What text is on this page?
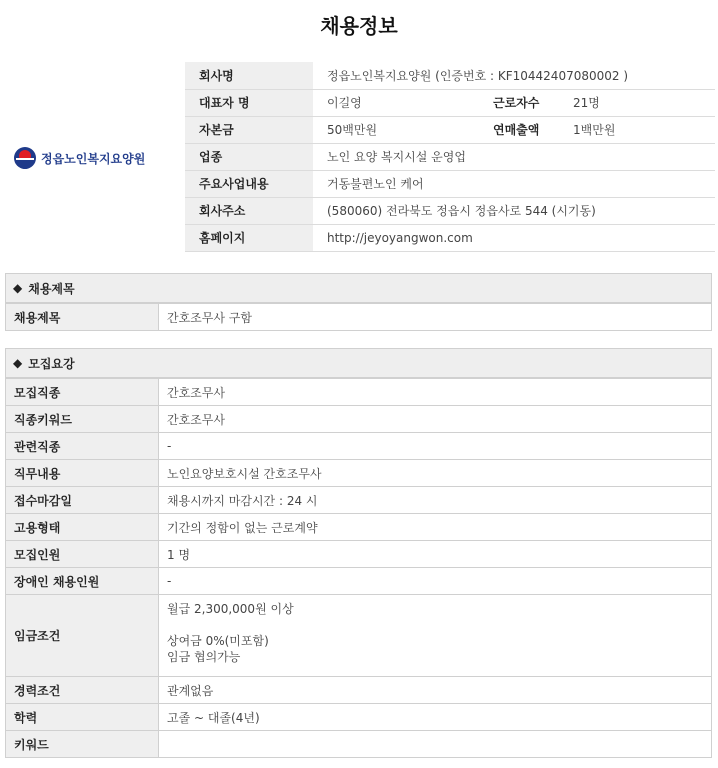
채용정보
정읍노인복지요양원
회사명	정읍노인복지요양원 (인증번호 : KF10442407080002 )		
대표자 명	이길영	근로자수	21명
자본금	50백만원	연매출액	1백만원
업종	노인 요양 복지시설 운영업		
주요사업내용	거동불편노인 케어		
회사주소	(580060) 전라북도 정읍시 정읍사로 544 (시기동)		
홈페이지	http://jeyoyangwon.com		
◆ 채용제목
채용제목	간호조무사 구함
◆ 모집요강
모집직종	간호조무사
직종키워드	간호조무사
관련직종	-
직무내용	노인요양보호시설 간호조무사
접수마감일	채용시까지 마감시간 : 24 시
고용형태	기간의 정함이 없는 근로계약
모집인원	1 명
장애인 채용인원	-
임금조건	월급 2,300,000원 이상
상여금 0%(미포함)
임금 협의가능

경력조건	관계없음
학력	고졸 ~ 대졸(4년)
키워드	
